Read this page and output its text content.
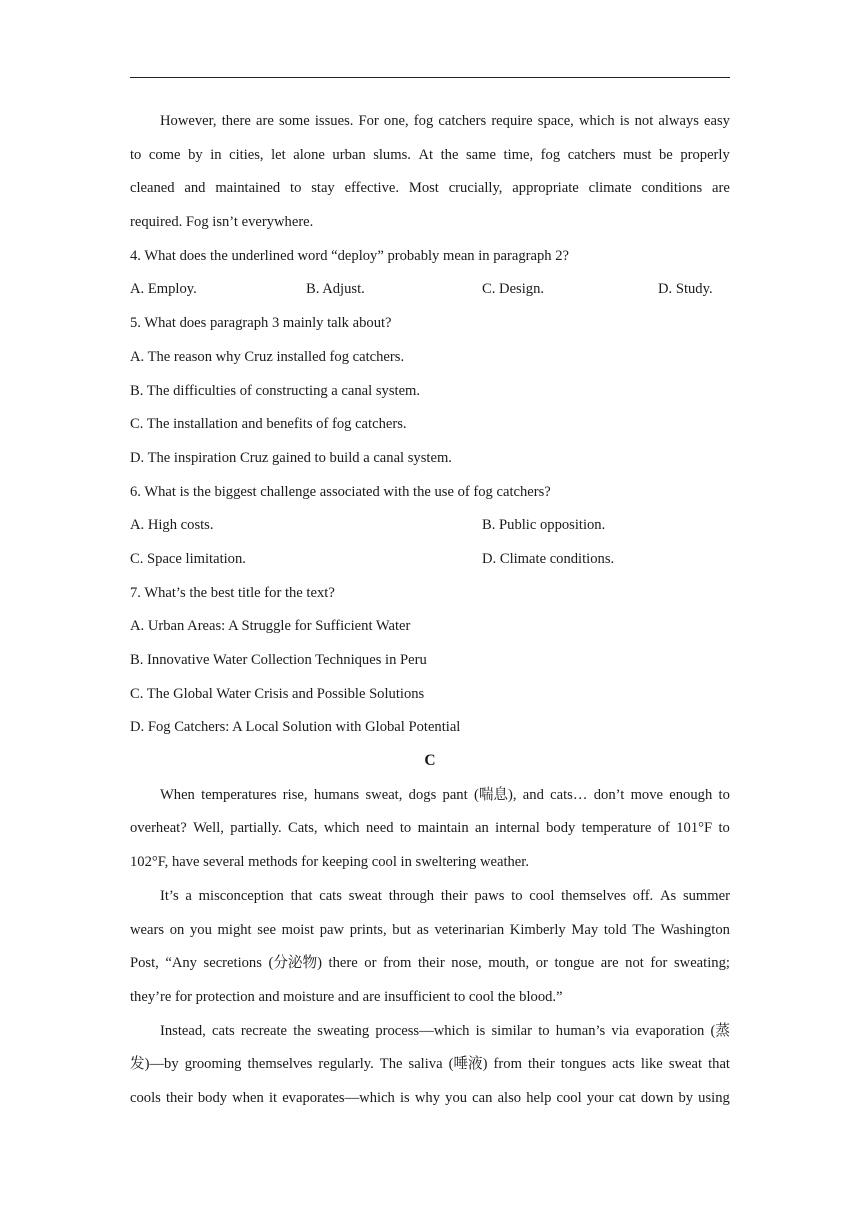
However, there are some issues. For one, fog catchers require space, which is not always easy
to come by in cities, let alone urban slums. At the same time, fog catchers must be properly
cleaned and maintained to stay effective. Most crucially, appropriate climate conditions are
required. Fog isn’t everywhere.
4. What does the underlined word “deploy” probably mean in paragraph 2?
A. Employ.	B. Adjust.	C. Design.	D. Study.
5. What does paragraph 3 mainly talk about?
A. The reason why Cruz installed fog catchers.
B. The difficulties of constructing a canal system.
C. The installation and benefits of fog catchers.
D. The inspiration Cruz gained to build a canal system.
6. What is the biggest challenge associated with the use of fog catchers?
A. High costs.	B. Public opposition.
C. Space limitation.	D. Climate conditions.
7. What’s the best title for the text?
A. Urban Areas: A Struggle for Sufficient Water
B. Innovative Water Collection Techniques in Peru
C. The Global Water Crisis and Possible Solutions
D. Fog Catchers: A Local Solution with Global Potential
C
When temperatures rise, humans sweat, dogs pant (喘息), and cats… don’t move enough to
overheat? Well, partially. Cats, which need to maintain an internal body temperature of 101°F to
102°F, have several methods for keeping cool in sweltering weather.
It’s a misconception that cats sweat through their paws to cool themselves off. As summer
wears on you might see moist paw prints, but as veterinarian Kimberly May told The Washington
Post, “Any secretions (分泌物) there or from their nose, mouth, or tongue are not for sweating;
they’re for protection and moisture and are insufficient to cool the blood.”
Instead, cats recreate the sweating process—which is similar to human’s via evaporation (蒸
发)—by grooming themselves regularly. The saliva (唾液) from their tongues acts like sweat that
cools their body when it evaporates—which is why you can also help cool your cat down by using
